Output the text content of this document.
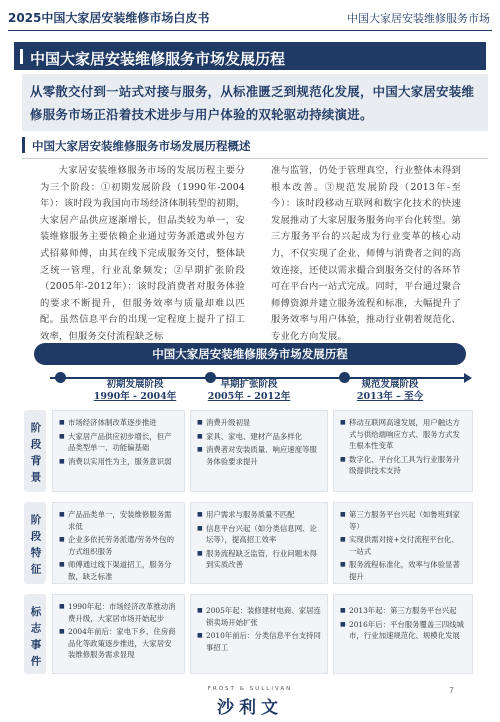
2025中国大家居安装维修市场白皮书	中国大家居安装维修服务市场
中国大家居安装维修服务市场发展历程
从零散交付到一站式对接与服务，从标准匮乏到规范化发展，中国大家居安装维修服务市场正沿着技术进步与用户体验的双轮驱动持续演进。
中国大家居安装维修服务市场发展历程概述
大家居安装维修服务市场的发展历程主要分为三个阶段：①初期发展阶段（1990年-2004年）：该时段为我国向市场经济体制转型的初期，大家居产品供应逐渐增长，但品类较为单一，安装维修服务主要依赖企业通过劳务派遣或外包方式招募师傅，由其在线下完成服务交付，整体缺乏统一管理，行业乱象频发；②早期扩张阶段（2005年-2012年）：该时段消费者对服务体验的要求不断提升，但服务效率与质量却难以匹配。虽然信息平台的出现一定程度上提升了招工效率，但服务交付流程缺乏标
准与监管，仍处于管理真空，行业整体未得到根本改善。③规范发展阶段（2013年-至今）：该时段移动互联网和数字化技术的快速发展推动了大家居服务服务向平台化转型。第三方服务平台的兴起成为行业变革的核心动力，不仅实现了企业、师傅与消费者之间的高效连接，还使以需求撮合到服务交付的各环节可在平台内一站式完成。同时，平台通过聚合师傅资源并建立服务流程和标准，大幅提升了服务效率与用户体验，推动行业朝着规范化、专业化方向发展。
中国大家居安装维修服务市场发展历程
初期发展阶段
1990年 - 2004年
早期扩张阶段
2005年 - 2012年
规范发展阶段
2013年 – 至今
阶段背景
阶段特征
标志事件
■ 市场经济体制改革逐步推进
■ 大家居产品供应初步增长，但产品类型单一、功能偏基础
■ 消费以实用性为主，服务意识弱
■ 消费升级初显
■ 家具、家电、建材产品多样化
■ 消费者对安装质量、响应速度等服务体验要求提升
■ 移动互联网高速发展，用户触达方式与供给端响应方式、服务方式发生根本性变革
■ 数字化、平台化工具为行业服务升级提供技术支持
■ 产品品类单一，安装维修服务需求低
■ 企业多依托劳务派遣/劳务外包的方式组织服务
■ 师傅通过线下渠道招工，服务分散，缺乏标准
■ 用户需求与服务质量不匹配
■ 信息平台兴起（如分类信息网、论坛等），提高招工效率
■ 服务流程缺乏监管，行业问题未得到实质改善
■ 第三方服务平台兴起（如鲁班到家等）
■ 实现供需对接+交付流程平台化、一站式
■ 服务流程标准化，效率与体验显著提升
■ 1990年起：市场经济改革推动消费升级，大家居市场开始起步
■ 2004年前后：家电下乡、住房商品化等政策逐步推进，大家居安装维修服务需求显现
■ 2005年起：装修建材电商、家居连锁卖场开始扩张
■ 2010年前后：分类信息平台支持同事招工
■ 2013年起：第三方服务平台兴起
■ 2016年后：平台服务覆盖三四线城市，行业加速规范化、规模化发展
FROST & SULLIVAN
沙利文
7
